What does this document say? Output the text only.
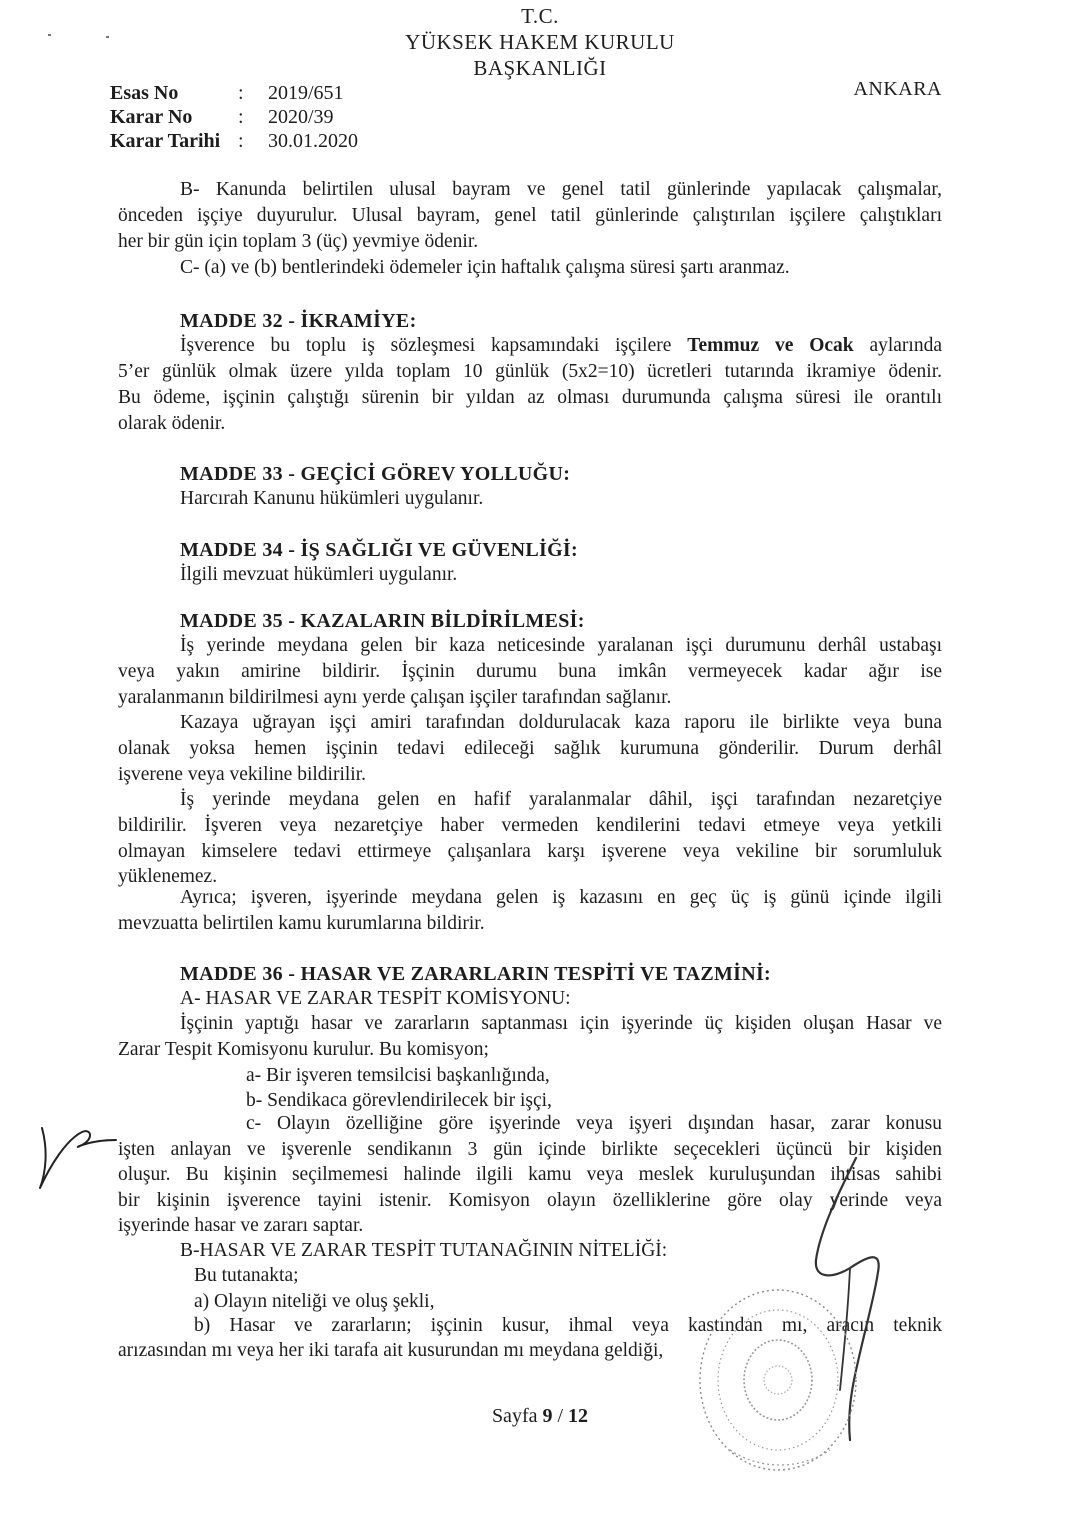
T.C.
YÜKSEK HAKEM KURULU
BAŞKANLIĞI
ANKARA
Esas No	:	2019/651
Karar No	:	2020/39
Karar Tarihi :	30.01.2020
B- Kanunda belirtilen ulusal bayram ve genel tatil günlerinde yapılacak çalışmalar,
önceden işçiye duyurulur. Ulusal bayram, genel tatil günlerinde çalıştırılan işçilere çalıştıkları
her bir gün için toplam 3 (üç) yevmiye ödenir.
C- (a) ve (b) bentlerindeki ödemeler için haftalık çalışma süresi şartı aranmaz.
MADDE 32 - İKRAMİYE:
İşverence bu toplu iş sözleşmesi kapsamındaki işçilere Temmuz ve Ocak aylarında
5’er günlük olmak üzere yılda toplam 10 günlük (5x2=10) ücretleri tutarında ikramiye ödenir.
Bu ödeme, işçinin çalıştığı sürenin bir yıldan az olması durumunda çalışma süresi ile orantılı
olarak ödenir.
MADDE 33 - GEÇİCİ GÖREV YOLLUĞU:
Harcırah Kanunu hükümleri uygulanır.
MADDE 34 - İŞ SAĞLIĞI VE GÜVENLİĞİ:
İlgili mevzuat hükümleri uygulanır.
MADDE 35 - KAZALARIN BİLDİRİLMESİ:
İş yerinde meydana gelen bir kaza neticesinde yaralanan işçi durumunu derhâl ustabaşı
veya yakın amirine bildirir. İşçinin durumu buna imkân vermeyecek kadar ağır ise
yaralanmanın bildirilmesi aynı yerde çalışan işçiler tarafından sağlanır.
Kazaya uğrayan işçi amiri tarafından doldurulacak kaza raporu ile birlikte veya buna
olanak yoksa hemen işçinin tedavi edileceği sağlık kurumuna gönderilir. Durum derhâl
işverene veya vekiline bildirilir.
İş yerinde meydana gelen en hafif yaralanmalar dâhil, işçi tarafından nezaretçiye
bildirilir. İşveren veya nezaretçiye haber vermeden kendilerini tedavi etmeye veya yetkili
olmayan kimselere tedavi ettirmeye çalışanlara karşı işverene veya vekiline bir sorumluluk
yüklenemez.
Ayrıca; işveren, işyerinde meydana gelen iş kazasını en geç üç iş günü içinde ilgili
mevzuatta belirtilen kamu kurumlarına bildirir.
MADDE 36 - HASAR VE ZARARLARIN TESPİTİ VE TAZMİNİ:
A- HASAR VE ZARAR TESPİT KOMİSYONU:
İşçinin yaptığı hasar ve zararların saptanması için işyerinde üç kişiden oluşan Hasar ve
Zarar Tespit Komisyonu kurulur. Bu komisyon;
a- Bir işveren temsilcisi başkanlığında,
b- Sendikaca görevlendirilecek bir işçi,
c- Olayın özelliğine göre işyerinde veya işyeri dışından hasar, zarar konusu
işten anlayan ve işverenle sendikanın 3 gün içinde birlikte seçecekleri üçüncü bir kişiden
oluşur. Bu kişinin seçilmemesi halinde ilgili kamu veya meslek kuruluşundan ihtisas sahibi
bir kişinin işverence tayini istenir. Komisyon olayın özelliklerine göre olay yerinde veya
işyerinde hasar ve zararı saptar.
B-HASAR VE ZARAR TESPİT TUTANAĞININ NİTELİĞİ:
Bu tutanakta;
a) Olayın niteliği ve oluş şekli,
b) Hasar ve zararların; işçinin kusur, ihmal veya kastından mı, aracın teknik
arızasından mı veya her iki tarafa ait kusurundan mı meydana geldiği,
Sayfa 9 / 12
